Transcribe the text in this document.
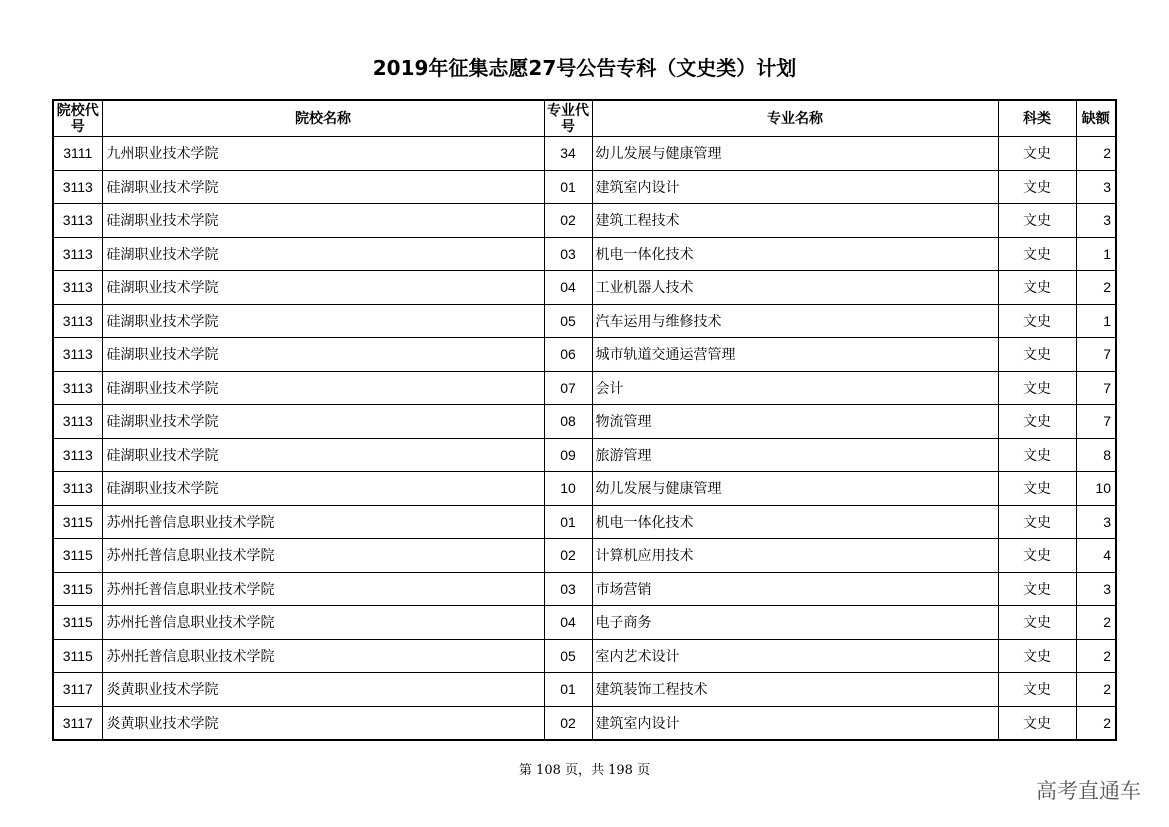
2019年征集志愿27号公告专科（文史类）计划
院校代号	院校名称	专业代号	专业名称	科类	缺额
3111	九州职业技术学院	34	幼儿发展与健康管理	文史	2
3113	硅湖职业技术学院	01	建筑室内设计	文史	3
3113	硅湖职业技术学院	02	建筑工程技术	文史	3
3113	硅湖职业技术学院	03	机电一体化技术	文史	1
3113	硅湖职业技术学院	04	工业机器人技术	文史	2
3113	硅湖职业技术学院	05	汽车运用与维修技术	文史	1
3113	硅湖职业技术学院	06	城市轨道交通运营管理	文史	7
3113	硅湖职业技术学院	07	会计	文史	7
3113	硅湖职业技术学院	08	物流管理	文史	7
3113	硅湖职业技术学院	09	旅游管理	文史	8
3113	硅湖职业技术学院	10	幼儿发展与健康管理	文史	10
3115	苏州托普信息职业技术学院	01	机电一体化技术	文史	3
3115	苏州托普信息职业技术学院	02	计算机应用技术	文史	4
3115	苏州托普信息职业技术学院	03	市场营销	文史	3
3115	苏州托普信息职业技术学院	04	电子商务	文史	2
3115	苏州托普信息职业技术学院	05	室内艺术设计	文史	2
3117	炎黄职业技术学院	01	建筑装饰工程技术	文史	2
3117	炎黄职业技术学院	02	建筑室内设计	文史	2
第 108 页，共 198 页
高考直通车
